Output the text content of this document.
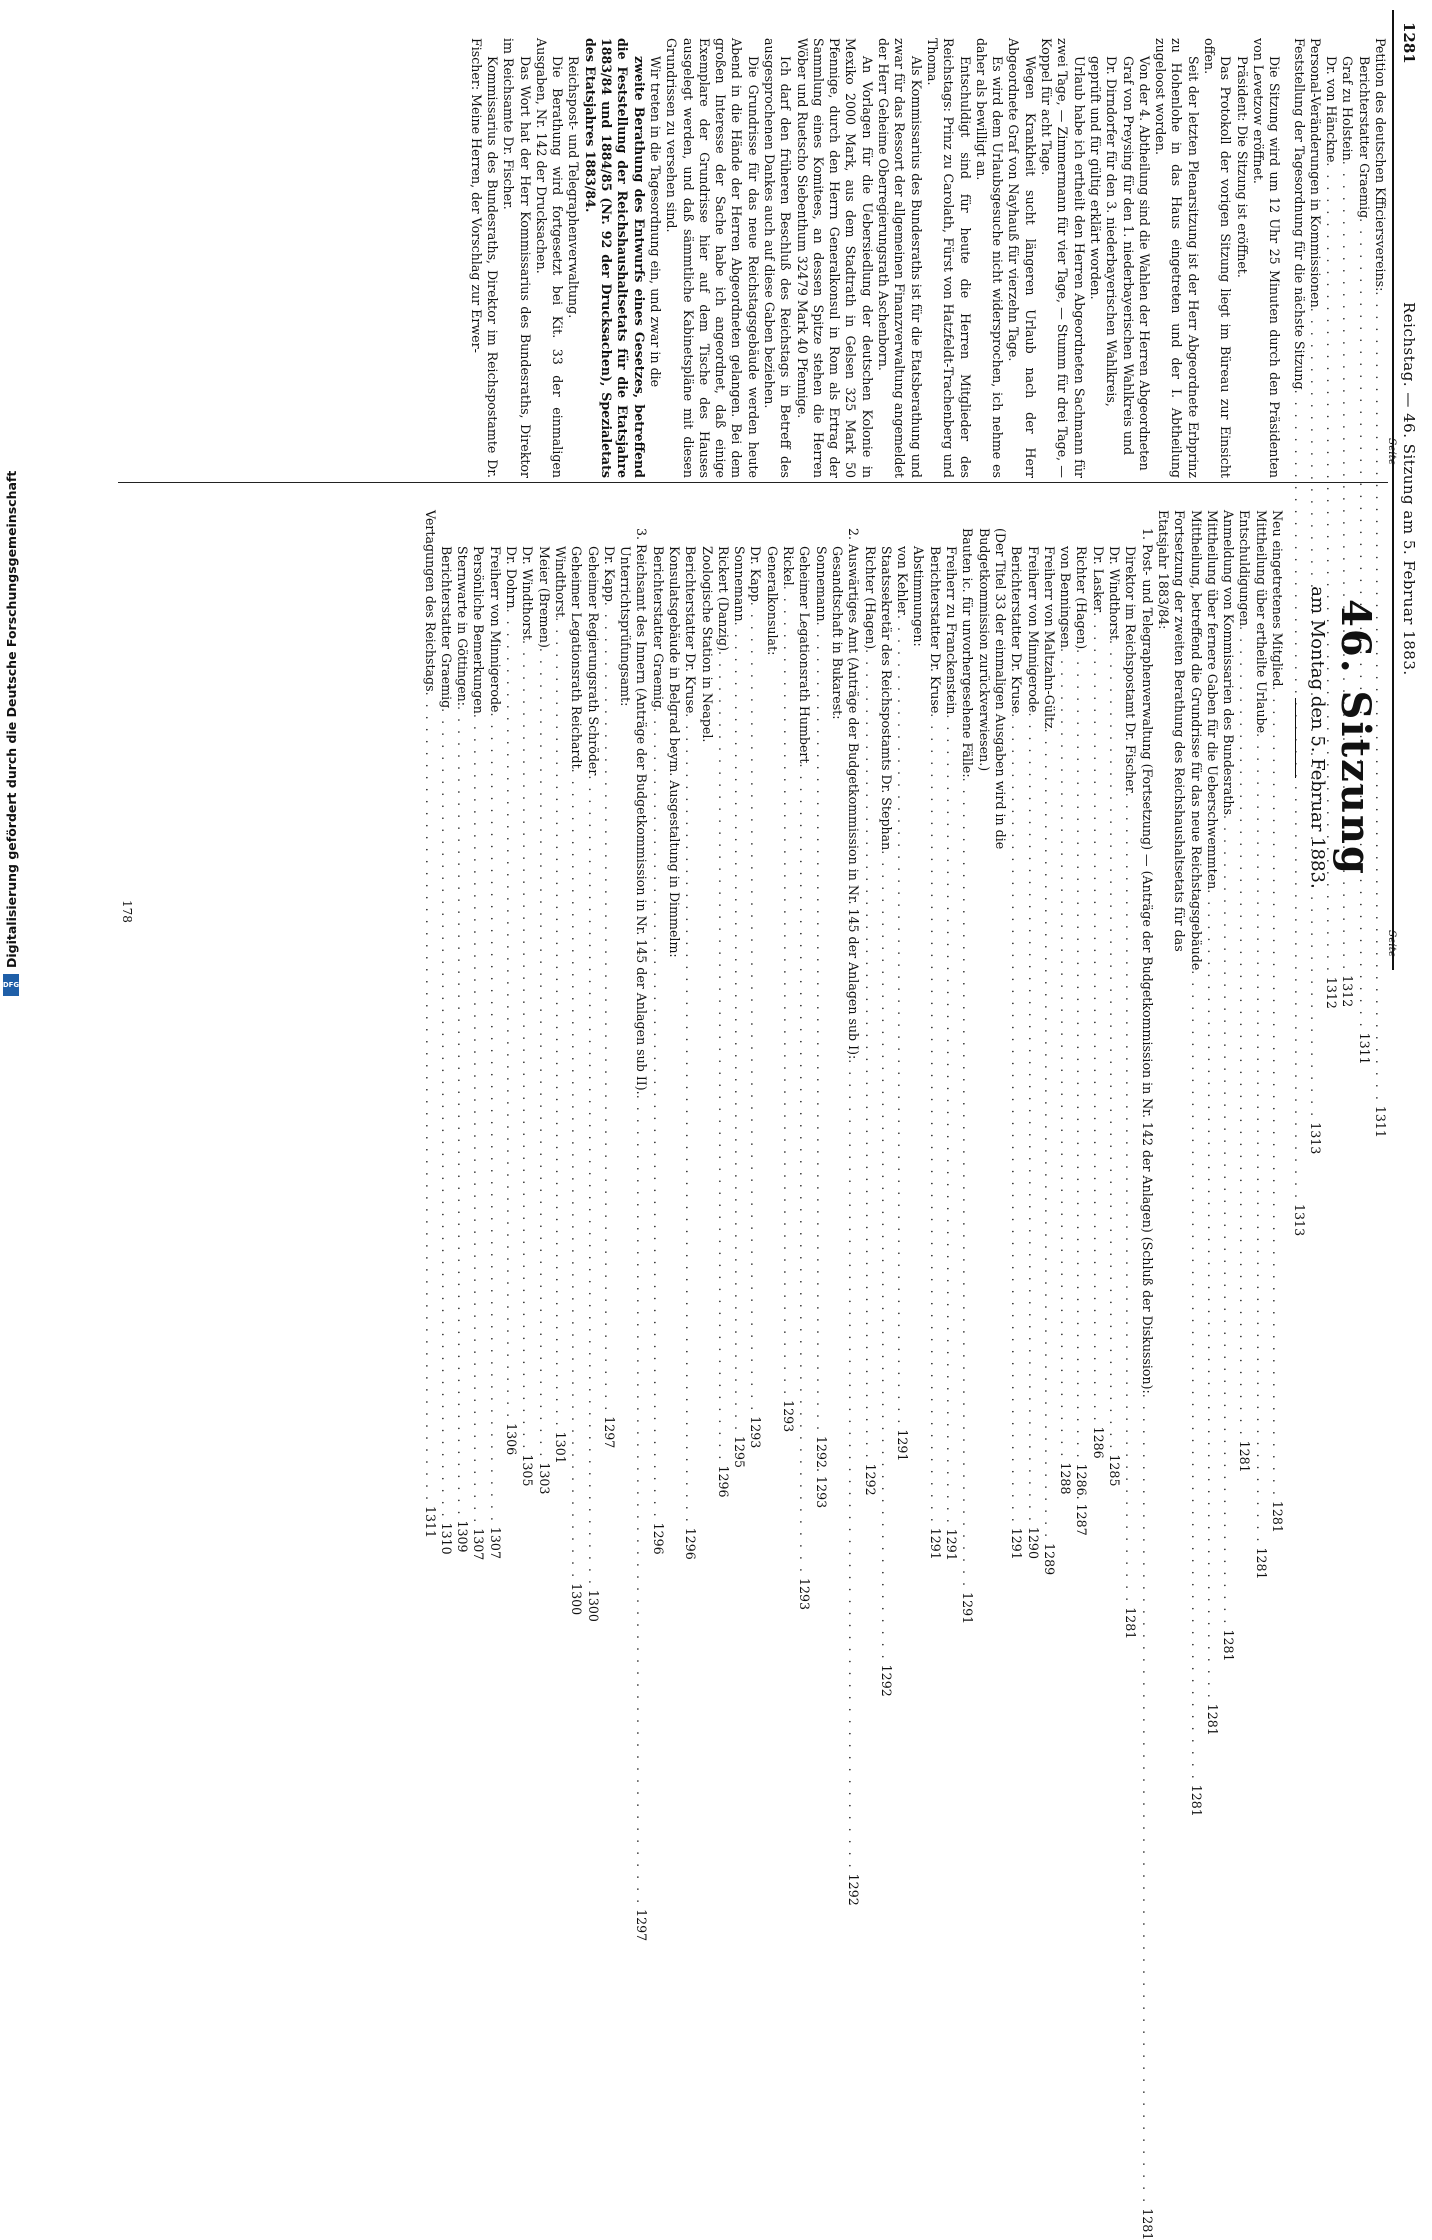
1281
Reichstag. — 46. Sitzung am 5. Februar 1883.
Seite
Petition des deutschen Kfficiersvereins:
. . .
1311
Berichterstatter Graemig
. . .
1311
Graf zu Holstein
. . .
1312
Dr. von Hänckne
. . .
1312
Personal-Veränderungen in Kommissionen
. . .
1313
Feststellung der Tagesordnung für die nächste Sitzung
. . .
1313

Die Sitzung wird um 12 Uhr 25 Minuten durch den Präsidenten von Levetzow eröffnet.

Präsident: Die Sitzung ist eröffnet.

Das Protokoll der vorigen Sitzung liegt im Büreau zur Einsicht offen.

Seit der letzten Plenarsitzung ist der Herr Abgeordnete Erbprinz zu Hohenlohe in das Haus eingetreten und der I. Abtheilung zugeloost worden.

Von der 4. Abtheilung sind die Wahlen der Herren Abgeordneten

Graf von Preysing für den 1. niederbayerischen Wahlkreis und

Dr. Dirndorfer für den 3. niederbayerischen Wahlkreis,

geprüft und für gültig erklärt worden.

Urlaub habe ich ertheilt den Herren Abgeordneten Sachmann für zwei Tage, — Zimmermann für vier Tage, — Stumm für drei Tage, — Koppel für acht Tage.

Wegen Krankheit sucht längeren Urlaub nach der Herr Abgeordnete Graf von Nayhauß für vierzehn Tage.

Es wird dem Urlaubsgesuche nicht widersprochen, ich nehme es daher als bewilligt an.

Entschuldigt sind für heute die Herren Mitglieder des Reichstags: Prinz zu Carolath, Fürst von Hatzfeldt-Trachenberg und Thoma.

Als Kommissarius des Bundesraths ist für die Etatsberathung und zwar für das Ressort der allgemeinen Finanzverwaltung angemeldet der Herr Geheime Oberregierungsrath Aschenborn.

An Vorlagen für die Uebersiedlung der deutschen Kolonie in Mexiko 2000 Mark, aus dem Stadtrath in Gelsen 325 Mark 50 Pfennige, durch den Herrn Generalkonsul in Rom als Ertrag der Sammlung eines Komitees, an dessen Spitze stehen die Herren Wöber und Ruetscho Siebenthum 32479 Mark 40 Pfennige.

Ich darf den früheren Beschluß des Reichstags in Betreff des ausgesprochenen Dankes auch auf diese Gaben beziehen.

Die Grundrisse für das neue Reichstagsgebäude werden heute Abend in die Hände der Herren Abgeordneten gelangen. Bei dem großen Interesse der Sache habe ich angeordnet, daß einige Exemplare der Grundrisse hier auf dem Tische des Hauses ausgelegt werden, und daß sämmtliche Kabinetspläne mit diesen Grundrissen zu versehen sind.

Wir treten in die Tagesordnung ein, und zwar in die

zweite Berathung des Entwurfs eines Gesetzes, betreffend die Feststellung der Reichshaushaltsetats für die Etatsjahre 1883/84 und 1884/85 (Nr. 92 der Drucksachen), Spezialetats des Etatsjahres 1883/84.

Reichspost- und Telegraphenverwaltung.

Die Berathung wird fortgesetzt bei Kit. 33 der einmaligen Ausgaben, Nr. 142 der Drucksachen.

Das Wort hat der Herr Kommissarius des Bundesraths, Direktor im Reichsamte Dr. Fischer.

Kommissarius des Bundesraths, Direktor im Reichspostamte Dr. Fischer: Meine Herren, der Vorschlag zur Erwer-

178
Seite
46. Sitzung
am Montag den 5. Februar 1883.
Neu eingetretenes Mitglied
. . .
1281
Mittheilung über ertheilte Urlaube
. . .
1281
Entschuldigungen
. . .
1281
Anmeldung von Kommissarien des Bundesraths
. . .
1281
Mittheilung über fernere Gaben für die Ueberschwemmten
. . .
1281
Mittheilung, betreffend die Grundrisse für das neue Reichstagsgebäude
. . .
1281
Fortsetzung der zweiten Berathung des Reichshaushaltsetats für das Etatsjahr 1883/84:
1. Post- und Telegraphenverwaltung (Fortsetzung) — (Anträge der Budgetkommission in Nr. 142 der Anlagen) (Schluß der Diskussion):
. . .
1281
Direktor im Reichspostamt Dr. Fischer
. . .
1281
Dr. Windthorst
. . .
1285
Dr. Lasker
. . .
1286
Richter (Hagen)
. . .
1286. 1287
von Benningsen
. . .
1288
Freiherr von Maltzahn-Gültz
. . .
1289
Freiherr von Minnigerode
. . .
1290
Berichterstatter Dr. Kruse
. . .
1291
(Der Titel 33 der einmaligen Ausgaben wird in die Budgetkommission zurückverwiesen.)
Bauten ic. für unvorhergesehene Fälle:
. . .
1291
Freiherr zu Franckenstein
. . .
1291
Berichterstatter Dr. Kruse
. . .
1291
Abstimmungen:
von Kehler
. . .
1291
Staatssekretär des Reichspostamts Dr. Stephan
. . .
1292
Richter (Hagen)
. . .
1292
2. Auswärtiges Amt (Anträge der Budgetkommission in Nr. 145 der Anlagen sub I):
. . .
1292
Gesandtschaft in Bukarest:
Sonnemann
. . .
1292. 1293
Geheimer Legationsrath Humbert
. . .
1293
Rickel
. . .
1293
Generalkonsulat:
Dr. Kapp
. . .
1293
Sonnemann
. . .
1295
Rickert (Danzig)
. . .
1296
Zoologische Station in Neapel.
Berichterstatter Dr. Kruse
. . .
1296
Konsulatsgebäude in Belgrad beym. Ausgestaltung in Dimmelm:
Berichterstatter Graemig
. . .
1296
3. Reichsamt des Innern (Anträge der Budgetkommission in Nr. 145 der Anlagen sub II).
. . .
1297
Unterrichtsprüfungsamt:
Dr. Kapp
. . .
1297
Geheimer Regierungsrath Schröder
. . .
1300
Geheimer Legationsrath Reichardt
. . .
1300
Windthorst
. . .
1301
Meier (Bremen)
. . .
1303
Dr. Windthorst
. . .
1305
Dr. Dohrn
. . .
1306
Freiherr von Minnigerode
. . .
1307
Persönliche Bemerkungen
. . .
1307
Sternwarte in Göttingen:
. . .
1309
Berichterstatter Graemig
. . .
1310
Vertagungen des Reichstags
. . .
1311
Digitalisierung gefördert durch die Deutsche Forschungsgemeinschaft
DFG
